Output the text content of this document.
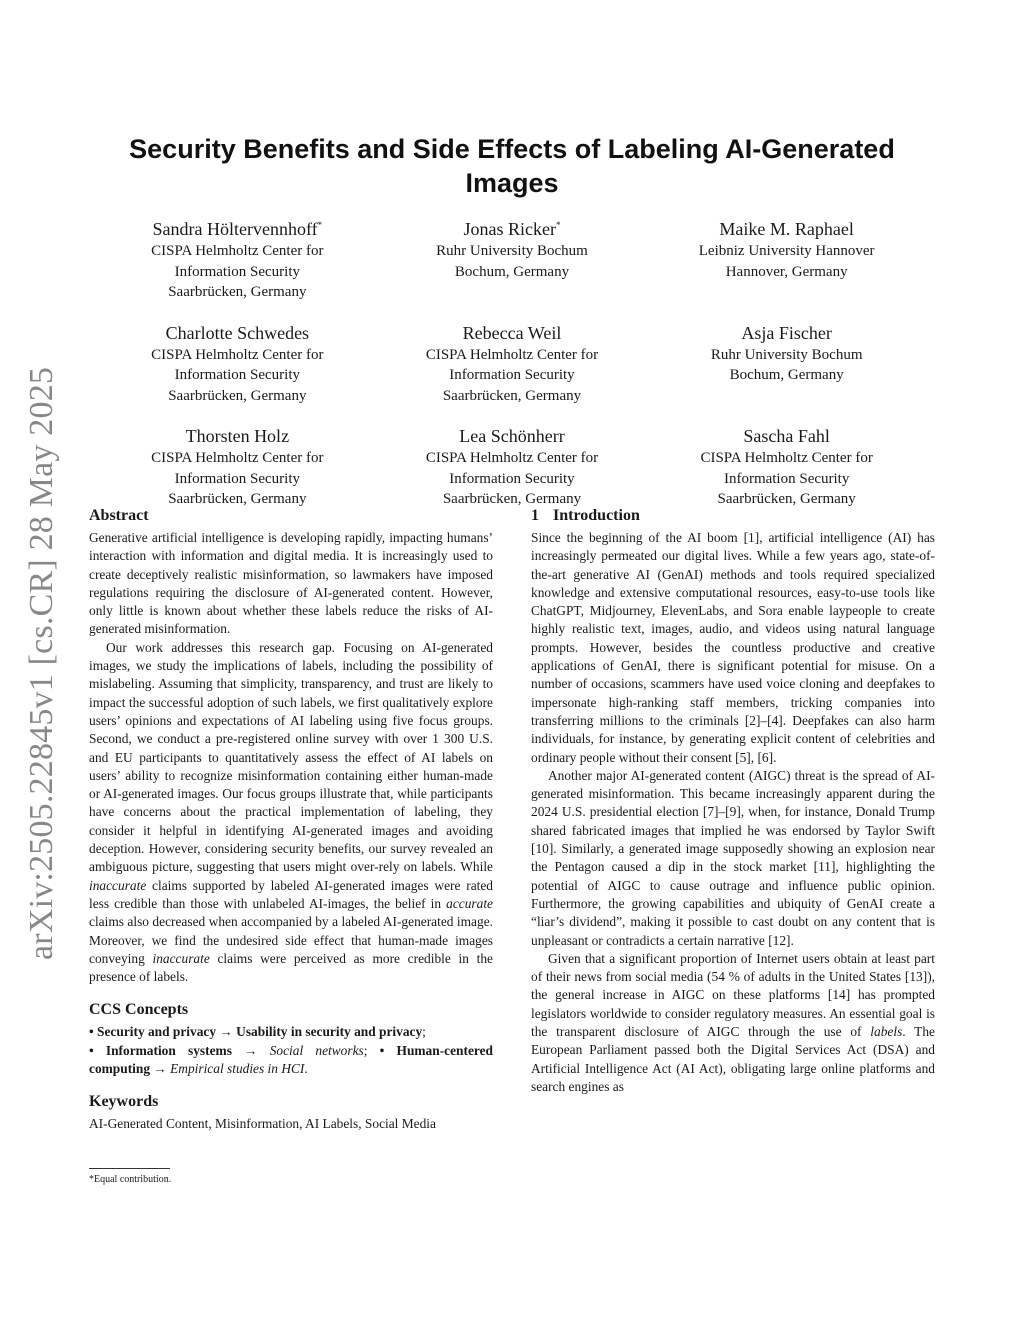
arXiv:2505.22845v1 [cs.CR] 28 May 2025
Security Benefits and Side Effects of Labeling AI-Generated Images
Sandra Höltervennhoff*
CISPA Helmholtz Center for
Information Security
Saarbrücken, Germany
Jonas Ricker*
Ruhr University Bochum
Bochum, Germany
Maike M. Raphael
Leibniz University Hannover
Hannover, Germany
Charlotte Schwedes
CISPA Helmholtz Center for
Information Security
Saarbrücken, Germany
Rebecca Weil
CISPA Helmholtz Center for
Information Security
Saarbrücken, Germany
Asja Fischer
Ruhr University Bochum
Bochum, Germany
Thorsten Holz
CISPA Helmholtz Center for
Information Security
Saarbrücken, Germany
Lea Schönherr
CISPA Helmholtz Center for
Information Security
Saarbrücken, Germany
Sascha Fahl
CISPA Helmholtz Center for
Information Security
Saarbrücken, Germany
Abstract

Generative artificial intelligence is developing rapidly, impacting humans’ interaction with information and digital media. It is increasingly used to create deceptively realistic misinformation, so lawmakers have imposed regulations requiring the disclosure of AI-generated content. However, only little is known about whether these labels reduce the risks of AI-generated misinformation.

Our work addresses this research gap. Focusing on AI-generated images, we study the implications of labels, including the possibility of mislabeling. Assuming that simplicity, transparency, and trust are likely to impact the successful adoption of such labels, we first qualitatively explore users’ opinions and expectations of AI labeling using five focus groups. Second, we conduct a pre-registered online survey with over 1 300 U.S. and EU participants to quantitatively assess the effect of AI labels on users’ ability to recognize misinformation containing either human-made or AI-generated images. Our focus groups illustrate that, while participants have concerns about the practical implementation of labeling, they consider it helpful in identifying AI-generated images and avoiding deception. However, considering security benefits, our survey revealed an ambiguous picture, suggesting that users might over-rely on labels. While inaccurate claims supported by labeled AI-generated images were rated less credible than those with unlabeled AI-images, the belief in accurate claims also decreased when accompanied by a labeled AI-generated image. Moreover, we find the undesired side effect that human-made images conveying inaccurate claims were perceived as more credible in the presence of labels.

CCS Concepts

• Security and privacy → Usability in security and privacy;
• Information systems → Social networks; • Human-centered computing → Empirical studies in HCI.

Keywords

AI-Generated Content, Misinformation, AI Labels, Social Media

*Equal contribution.
1 Introduction

Since the beginning of the AI boom [1], artificial intelligence (AI) has increasingly permeated our digital lives. While a few years ago, state-of-the-art generative AI (GenAI) methods and tools required specialized knowledge and extensive computational resources, easy-to-use tools like ChatGPT, Midjourney, ElevenLabs, and Sora enable laypeople to create highly realistic text, images, audio, and videos using natural language prompts. However, besides the countless productive and creative applications of GenAI, there is significant potential for misuse. On a number of occasions, scammers have used voice cloning and deepfakes to impersonate high-ranking staff members, tricking companies into transferring millions to the criminals [2]–[4]. Deepfakes can also harm individuals, for instance, by generating explicit content of celebrities and ordinary people without their consent [5], [6].

Another major AI-generated content (AIGC) threat is the spread of AI-generated misinformation. This became increasingly apparent during the 2024 U.S. presidential election [7]–[9], when, for instance, Donald Trump shared fabricated images that implied he was endorsed by Taylor Swift [10]. Similarly, a generated image supposedly showing an explosion near the Pentagon caused a dip in the stock market [11], highlighting the potential of AIGC to cause outrage and influence public opinion. Furthermore, the growing capabilities and ubiquity of GenAI create a “liar’s dividend”, making it possible to cast doubt on any content that is unpleasant or contradicts a certain narrative [12].

Given that a significant proportion of Internet users obtain at least part of their news from social media (54 % of adults in the United States [13]), the general increase in AIGC on these platforms [14] has prompted legislators worldwide to consider regulatory measures. An essential goal is the transparent disclosure of AIGC through the use of labels. The European Parliament passed both the Digital Services Act (DSA) and Artificial Intelligence Act (AI Act), obligating large online platforms and search engines as
